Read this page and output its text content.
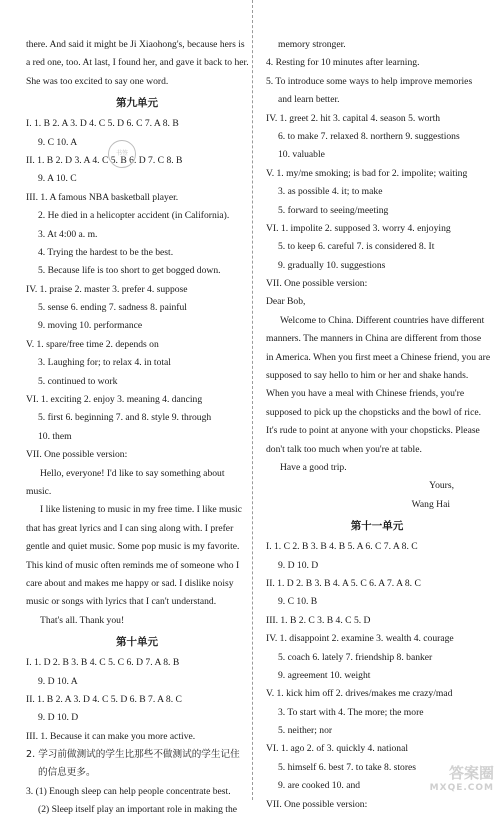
there. And said it might be Ji Xiaohong's, because hers is
a red one, too. At last, I found her, and gave it back to her.
She was too excited to say one word.
第九单元
I. 1. B 2. A 3. D 4. C 5. D 6. C 7. A 8. B
9. C 10. A
II. 1. B 2. D 3. A 4. C 5. B 6. D 7. C 8. B
9. A 10. C
III. 1. A famous NBA basketball player.
2. He died in a helicopter accident (in California).
3. At 4:00 a. m.
4. Trying the hardest to be the best.
5. Because life is too short to get bogged down.
IV. 1. praise 2. master 3. prefer 4. suppose
5. sense 6. ending 7. sadness 8. painful
9. moving 10. performance
V. 1. spare/free time 2. depends on
3. Laughing for; to relax 4. in total
5. continued to work
VI. 1. exciting 2. enjoy 3. meaning 4. dancing
5. first 6. beginning 7. and 8. style 9. through
10. them
VII. One possible version:
Hello, everyone! I'd like to say something about
music.
I like listening to music in my free time. I like music
that has great lyrics and I can sing along with. I prefer
gentle and quiet music. Some pop music is my favorite.
This kind of music often reminds me of someone who I
care about and makes me happy or sad. I dislike noisy
music or songs with lyrics that I can't understand.
That's all. Thank you!
第十单元
I. 1. D 2. B 3. B 4. C 5. C 6. D 7. A 8. B
9. D 10. A
II. 1. B 2. A 3. D 4. C 5. D 6. B 7. A 8. C
9. D 10. D
III. 1. Because it can make you more active.
2. 学习前做测试的学生比那些不做测试的学生记住
的信息更多。
3. (1) Enough sleep can help people concentrate best.
(2) Sleep itself play an important role in making the
memory stronger.
4. Resting for 10 minutes after learning.
5. To introduce some ways to help improve memories
and learn better.
IV. 1. greet 2. hit 3. capital 4. season 5. worth
6. to make 7. relaxed 8. northern 9. suggestions
10. valuable
V. 1. my/me smoking; is bad for 2. impolite; waiting
3. as possible 4. it; to make
5. forward to seeing/meeting
VI. 1. impolite 2. supposed 3. worry 4. enjoying
5. to keep 6. careful 7. is considered 8. It
9. gradually 10. suggestions
VII. One possible version:
Dear Bob,
Welcome to China. Different countries have different
manners. The manners in China are different from those
in America. When you first meet a Chinese friend, you are
supposed to say hello to him or her and shake hands.
When you have a meal with Chinese friends, you're
supposed to pick up the chopsticks and the bowl of rice.
It's rude to point at anyone with your chopsticks. Please
don't talk too much when you're at table.
Have a good trip.
Yours,
Wang Hai
第十一单元
I. 1. C 2. B 3. B 4. B 5. A 6. C 7. A 8. C
9. D 10. D
II. 1. D 2. B 3. B 4. A 5. C 6. A 7. A 8. C
9. C 10. B
III. 1. B 2. C 3. B 4. C 5. D
IV. 1. disappoint 2. examine 3. wealth 4. courage
5. coach 6. lately 7. friendship 8. banker
9. agreement 10. weight
V. 1. kick him off 2. drives/makes me crazy/mad
3. To start with 4. The more; the more
5. neither; nor
VI. 1. ago 2. of 3. quickly 4. national
5. himself 6. best 7. to take 8. stores
9. are cooked 10. and
VII. One possible version:
书签
答案圈
MXQE.COM
